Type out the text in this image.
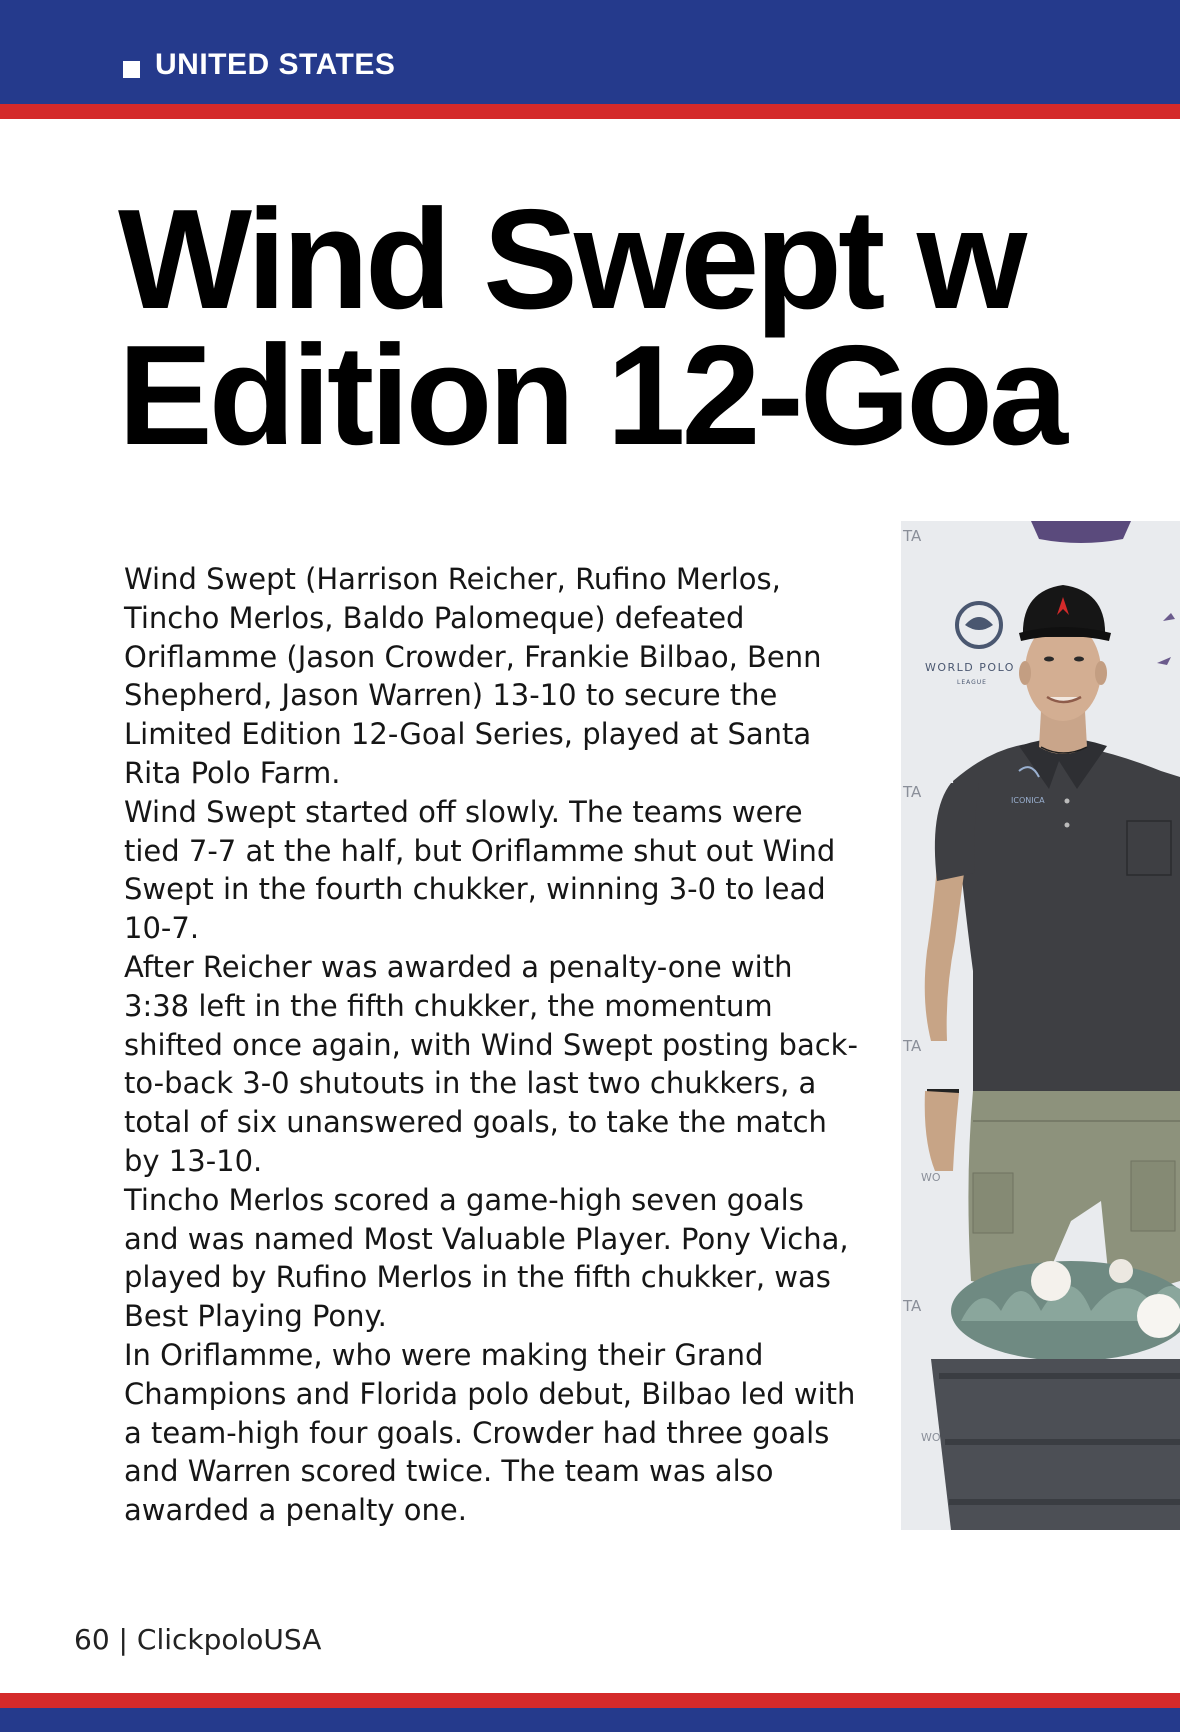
UNITED STATES
Wind Swept w
Edition 12-Goa

Wind Swept (Harrison Reicher, Rufino Merlos, Tincho Merlos, Baldo Palomeque) defeated Oriflamme (Jason Crowder, Frankie Bilbao, Benn Shepherd, Jason Warren) 13-10 to secure the Limited Edition 12-Goal Series, played at Santa Rita Polo Farm.

Wind Swept started off slowly. The teams were tied 7-7 at the half, but Oriflamme shut out Wind Swept in the fourth chukker, winning 3-0 to lead 10-7.

After Reicher was awarded a penalty-one with 3:38 left in the fifth chukker, the momentum shifted once again, with Wind Swept posting back-to-back 3-0 shutouts in the last two chukkers, a total of six unanswered goals, to take the match by 13-10.

Tincho Merlos scored a game-high seven goals and was named Most Valuable Player. Pony Vicha, played by Rufino Merlos in the fifth chukker, was Best Playing Pony.

In Oriflamme, who were making their Grand Champions and Florida polo debut, Bilbao led with a team-high four goals. Crowder had three goals and Warren scored twice. The team was also awarded a penalty one.

TA
TA
TA
TA
WO
WO
WORLD POLO
LEAGUE
ICONICA
60 | ClickpoloUSA
